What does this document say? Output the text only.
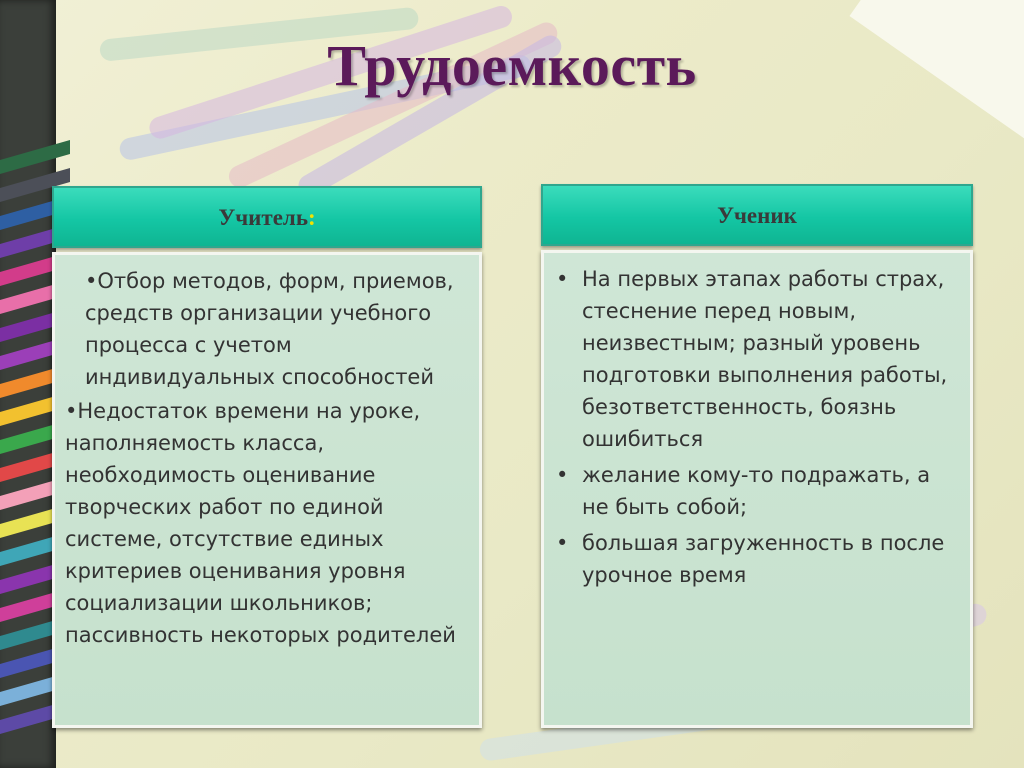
Трудоемкость
Учитель:
•Отбор методов, форм, приемов, средств организации учебного процесса с учетом индивидуальных способностей
•Недостаток времени на уроке, наполняемость класса, необходимость оценивание творческих работ по единой системе, отсутствие единых критериев оценивания уровня социализации школьников; пассивность некоторых родителей
Ученик
• На первых этапах работы страх, стеснение перед новым, неизвестным; разный уровень подготовки выполнения работы, безответственность, боязнь ошибиться
• желание кому-то подражать, а не быть собой;
• большая загруженность в после урочное время
